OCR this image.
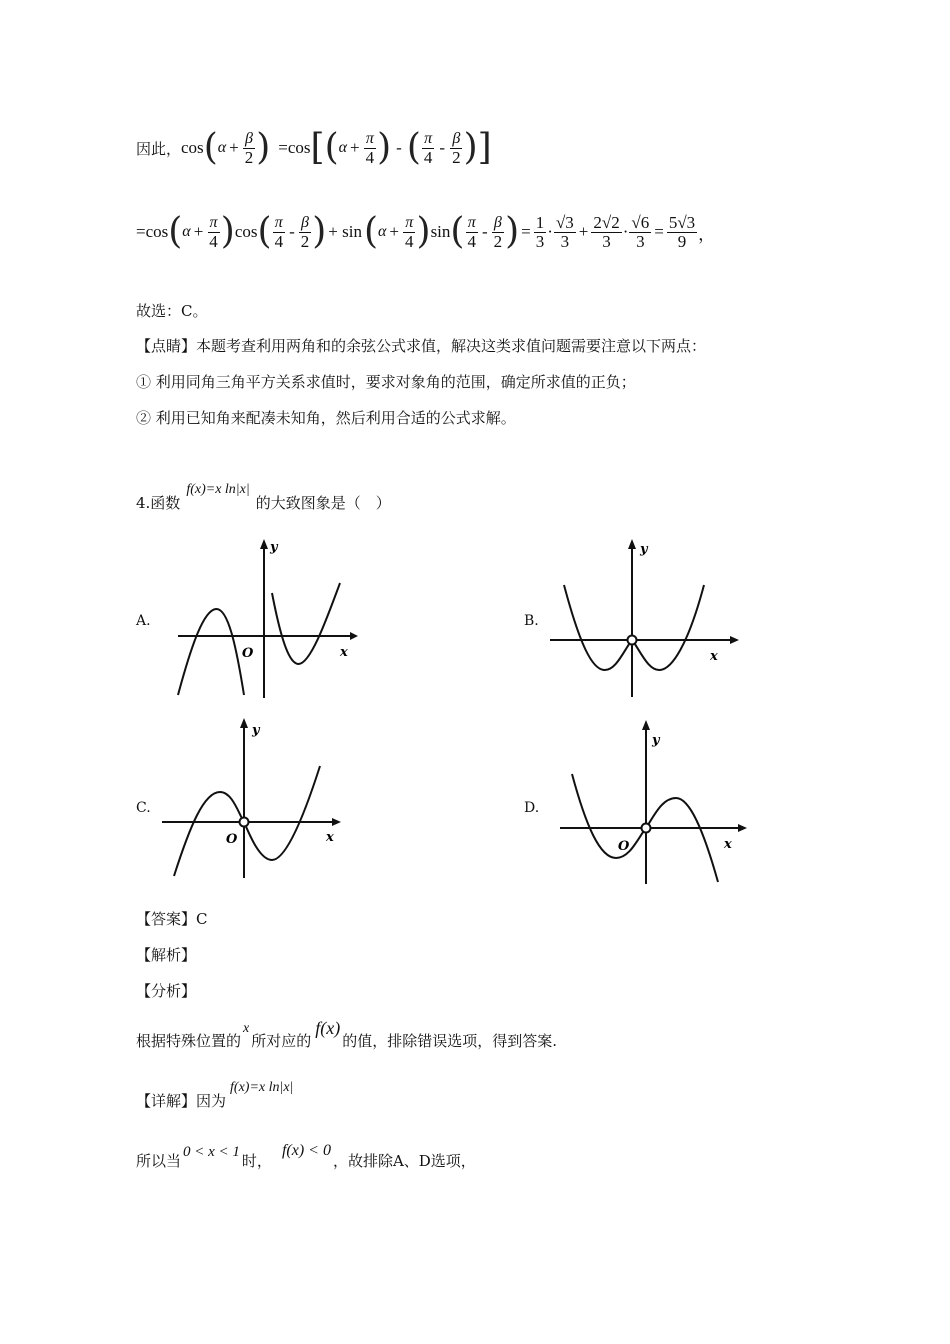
因此， cos ( $\alpha + \frac{\beta}{2}$ ) =cos [ ( $\alpha + \frac{\pi}{4}$ ) - ( $\frac{\pi}{4} - \frac{\beta}{2}$ ) ]
=cos ( $\alpha + \frac{\pi}{4}$ ) cos ( $\frac{\pi}{4} - \frac{\beta}{2}$ ) + sin ( $\alpha + \frac{\pi}{4}$ ) sin ( $\frac{\pi}{4} - \frac{\beta}{2}$ ) = $\frac{1}{3} \cdot \frac{√3}{3} + \frac{2√2}{3} \cdot \frac{√6}{3} = \frac{5√3}{9}$ ，
故选：C。
【点睛】本题考查利用两角和的余弦公式求值，解决这类求值问题需要注意以下两点：
① 利用同角三角平方关系求值时，要求对象角的范围，确定所求值的正负；
② 利用已知角来配凑未知角，然后利用合适的公式求解。
4.函数
f(x)=x ln|x|
的大致图象是（　）
A.	B.
C.	D.
O	x
y
x
y
O	x
y
O	x
y
【答案】C
【解析】
【分析】
根据特殊位置的
x
所对应的
f(x)
的值，排除错误选项，得到答案.
【详解】因为
f(x)=x ln|x|
所以当 0 < x < 1 时，
f(x) < 0
，故排除A、D选项，
